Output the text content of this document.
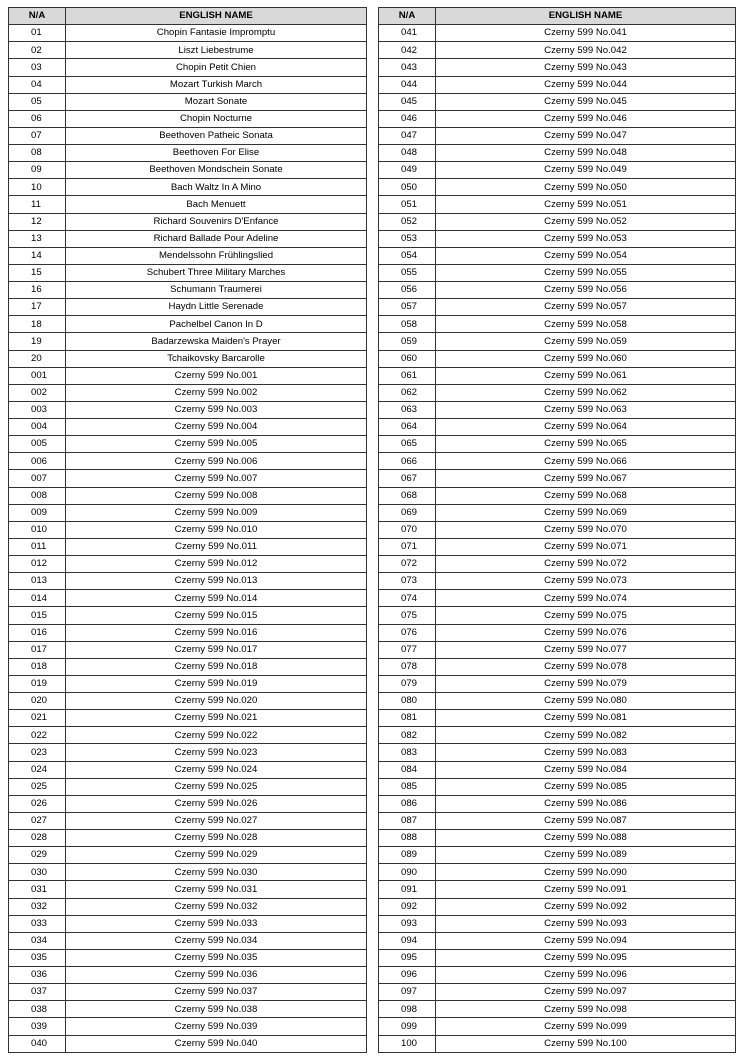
N/A	ENGLISH NAME
01	Chopin Fantasie Impromptu
02	Liszt Liebestrume
03	Chopin Petit Chien
04	Mozart Turkish March
05	Mozart Sonate
06	Chopin Nocturne
07	Beethoven Patheic Sonata
08	Beethoven For Elise
09	Beethoven Mondschein Sonate
10	Bach Waltz In A Mino
11	Bach Menuett
12	Richard Souvenirs D'Enfance
13	Richard Ballade Pour Adeline
14	Mendelssohn Frühlingslied
15	Schubert Three Military Marches
16	Schumann Traumerei
17	Haydn Little Serenade
18	Pachelbel Canon In D
19	Badarzewska Maiden's Prayer
20	Tchaikovsky Barcarolle
001	Czerny 599 No.001
002	Czerny 599 No.002
003	Czerny 599 No.003
004	Czerny 599 No.004
005	Czerny 599 No.005
006	Czerny 599 No.006
007	Czerny 599 No.007
008	Czerny 599 No.008
009	Czerny 599 No.009
010	Czerny 599 No.010
011	Czerny 599 No.011
012	Czerny 599 No.012
013	Czerny 599 No.013
014	Czerny 599 No.014
015	Czerny 599 No.015
016	Czerny 599 No.016
017	Czerny 599 No.017
018	Czerny 599 No.018
019	Czerny 599 No.019
020	Czerny 599 No.020
021	Czerny 599 No.021
022	Czerny 599 No.022
023	Czerny 599 No.023
024	Czerny 599 No.024
025	Czerny 599 No.025
026	Czerny 599 No.026
027	Czerny 599 No.027
028	Czerny 599 No.028
029	Czerny 599 No.029
030	Czerny 599 No.030
031	Czerny 599 No.031
032	Czerny 599 No.032
033	Czerny 599 No.033
034	Czerny 599 No.034
035	Czerny 599 No.035
036	Czerny 599 No.036
037	Czerny 599 No.037
038	Czerny 599 No.038
039	Czerny 599 No.039
040	Czerny 599 No.040
N/A	ENGLISH NAME
041	Czerny 599 No.041
042	Czerny 599 No.042
043	Czerny 599 No.043
044	Czerny 599 No.044
045	Czerny 599 No.045
046	Czerny 599 No.046
047	Czerny 599 No.047
048	Czerny 599 No.048
049	Czerny 599 No.049
050	Czerny 599 No.050
051	Czerny 599 No.051
052	Czerny 599 No.052
053	Czerny 599 No.053
054	Czerny 599 No.054
055	Czerny 599 No.055
056	Czerny 599 No.056
057	Czerny 599 No.057
058	Czerny 599 No.058
059	Czerny 599 No.059
060	Czerny 599 No.060
061	Czerny 599 No.061
062	Czerny 599 No.062
063	Czerny 599 No.063
064	Czerny 599 No.064
065	Czerny 599 No.065
066	Czerny 599 No.066
067	Czerny 599 No.067
068	Czerny 599 No.068
069	Czerny 599 No.069
070	Czerny 599 No.070
071	Czerny 599 No.071
072	Czerny 599 No.072
073	Czerny 599 No.073
074	Czerny 599 No.074
075	Czerny 599 No.075
076	Czerny 599 No.076
077	Czerny 599 No.077
078	Czerny 599 No.078
079	Czerny 599 No.079
080	Czerny 599 No.080
081	Czerny 599 No.081
082	Czerny 599 No.082
083	Czerny 599 No.083
084	Czerny 599 No.084
085	Czerny 599 No.085
086	Czerny 599 No.086
087	Czerny 599 No.087
088	Czerny 599 No.088
089	Czerny 599 No.089
090	Czerny 599 No.090
091	Czerny 599 No.091
092	Czerny 599 No.092
093	Czerny 599 No.093
094	Czerny 599 No.094
095	Czerny 599 No.095
096	Czerny 599 No.096
097	Czerny 599 No.097
098	Czerny 599 No.098
099	Czerny 599 No.099
100	Czerny 599 No.100
